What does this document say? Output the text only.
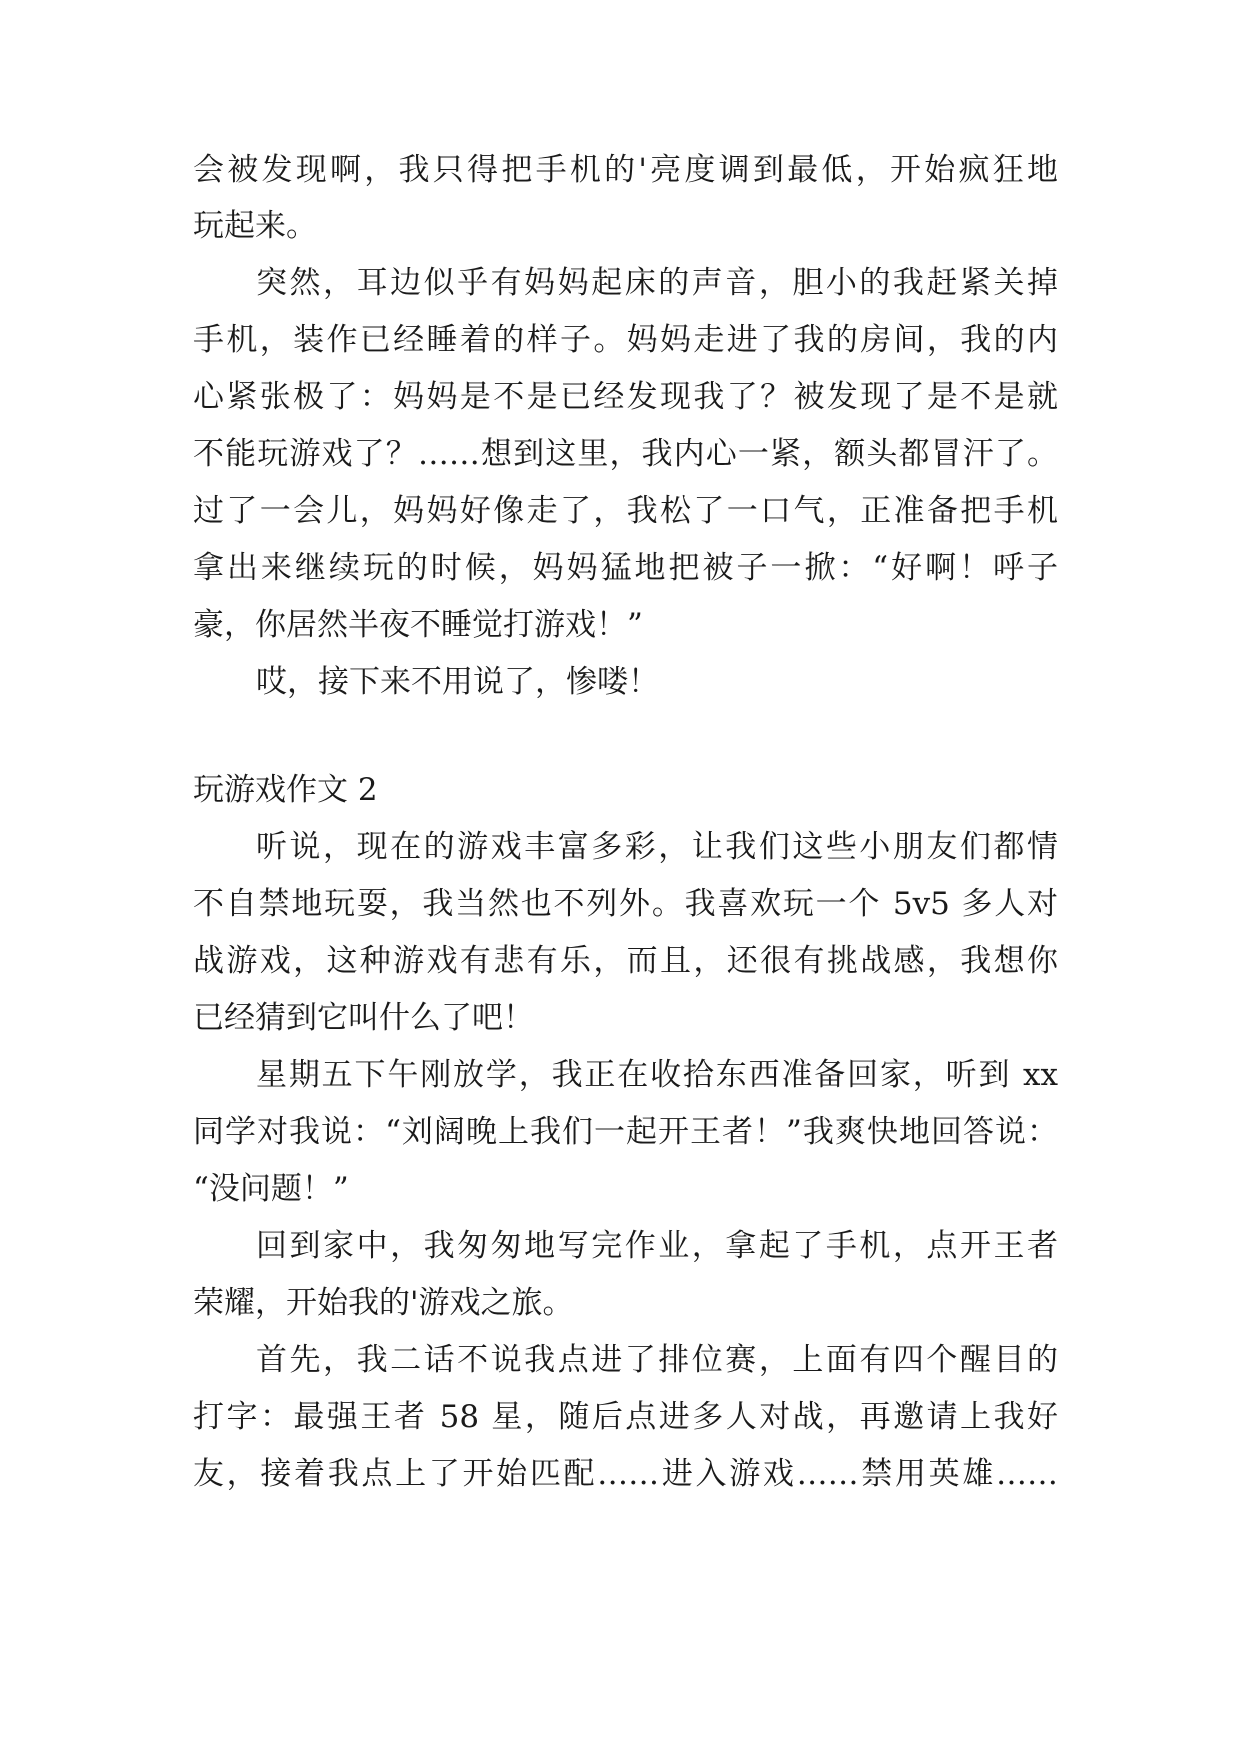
会被发现啊，我只得把手机的'亮度调到最低，开始疯狂地
玩起来。
突然，耳边似乎有妈妈起床的声音，胆小的我赶紧关掉
手机，装作已经睡着的样子。妈妈走进了我的房间，我的内
心紧张极了：妈妈是不是已经发现我了？被发现了是不是就
不能玩游戏了？……想到这里，我内心一紧，额头都冒汗了。
过了一会儿，妈妈好像走了，我松了一口气，正准备把手机
拿出来继续玩的时候，妈妈猛地把被子一掀：“好啊！呼子
豪，你居然半夜不睡觉打游戏！”
哎，接下来不用说了，惨喽！
玩游戏作文 2
听说，现在的游戏丰富多彩，让我们这些小朋友们都情
不自禁地玩耍，我当然也不列外。我喜欢玩一个 5v5 多人对
战游戏，这种游戏有悲有乐，而且，还很有挑战感，我想你
已经猜到它叫什么了吧！
星期五下午刚放学，我正在收拾东西准备回家，听到 xx
同学对我说：“刘阔晚上我们一起开王者！”我爽快地回答说：
“没问题！”
回到家中，我匆匆地写完作业，拿起了手机，点开王者
荣耀，开始我的'游戏之旅。
首先，我二话不说我点进了排位赛，上面有四个醒目的
打字：最强王者 58 星，随后点进多人对战，再邀请上我好
友，接着我点上了开始匹配……进入游戏……禁用英雄……
